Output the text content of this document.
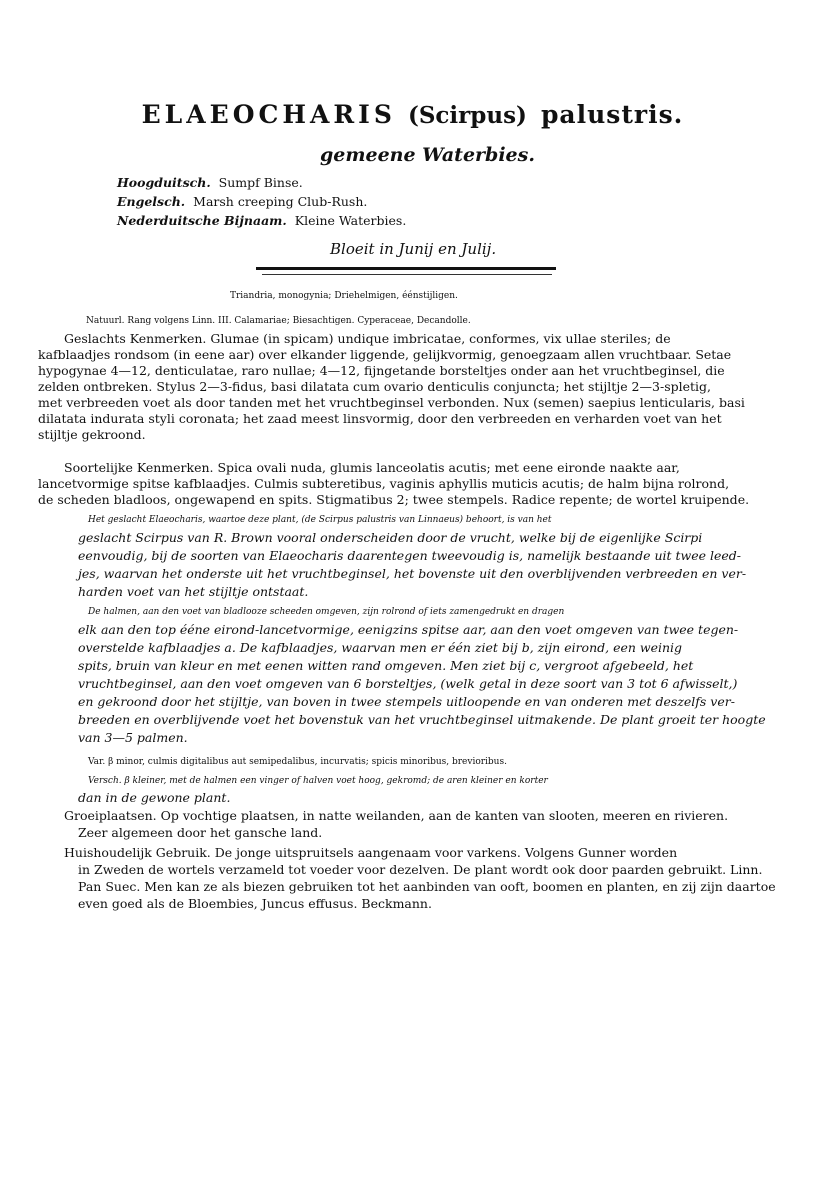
ELAEOCHARIS (Scirpus) palustris.
gemeene Waterbies.
Hoogduitsch. Sumpf Binse.
Engelsch. Marsh creeping Club-Rush.
Nederduitsche Bijnaam. Kleine Waterbies.
Bloeit in Junij en Julij.
Triandria, monogynia; Driehelmigen, éénstijligen.
Natuurl. Rang volgens Linn. III. Calamariae; Biesachtigen. Cyperaceae, Decandolle.
Geslachts Kenmerken. Glumae (in spicam) undique imbricatae, conformes, vix ullae steriles; de
kafblaadjes rondsom (in eene aar) over elkander liggende, gelijkvormig, genoegzaam allen vruchtbaar. Setae
hypogynae 4—12, denticulatae, raro nullae; 4—12, fijngetande borsteltjes onder aan het vruchtbeginsel, die
zelden ontbreken. Stylus 2—3-fidus, basi dilatata cum ovario denticulis conjuncta; het stijltje 2—3-spletig,
met verbreeden voet als door tanden met het vruchtbeginsel verbonden. Nux (semen) saepius lenticularis, basi
dilatata indurata styli coronata; het zaad meest linsvormig, door den verbreeden en verharden voet van het
stijltje gekroond.
Soortelijke Kenmerken. Spica ovali nuda, glumis lanceolatis acutis; met eene eironde naakte aar,
lancetvormige spitse kafblaadjes. Culmis subteretibus, vaginis aphyllis muticis acutis; de halm bijna rolrond,
de scheden bladloos, ongewapend en spits. Stigmatibus 2; twee stempels. Radice repente; de wortel kruipende.
Het geslacht Elaeocharis, waartoe deze plant, (de Scirpus palustris van Linnaeus) behoort, is van het
geslacht Scirpus van R. Brown vooral onderscheiden door de vrucht, welke bij de eigenlijke Scirpi
eenvoudig, bij de soorten van Elaeocharis daarentegen tweevoudig is, namelijk bestaande uit twee leed-
jes, waarvan het onderste uit het vruchtbeginsel, het bovenste uit den overblijvenden verbreeden en ver-
harden voet van het stijltje ontstaat.
De halmen, aan den voet van bladlooze scheeden omgeven, zijn rolrond of iets zamengedrukt en dragen
elk aan den top ééne eirond-lancetvormige, eenigzins spitse aar, aan den voet omgeven van twee tegen-
overstelde kafblaadjes a. De kafblaadjes, waarvan men er één ziet bij b, zijn eirond, een weinig
spits, bruin van kleur en met eenen witten rand omgeven. Men ziet bij c, vergroot afgebeeld, het
vruchtbeginsel, aan den voet omgeven van 6 borsteltjes, (welk getal in deze soort van 3 tot 6 afwisselt,)
en gekroond door het stijltje, van boven in twee stempels uitloopende en van onderen met deszelfs ver-
breeden en overblijvende voet het bovenstuk van het vruchtbeginsel uitmakende. De plant groeit ter hoogte
van 3—5 palmen.
Var. β minor, culmis digitalibus aut semipedalibus, incurvatis; spicis minoribus, brevioribus.
Versch. β kleiner, met de halmen een vinger of halven voet hoog, gekromd; de aren kleiner en korter
dan in de gewone plant.
Groeiplaatsen. Op vochtige plaatsen, in natte weilanden, aan de kanten van slooten, meeren en rivieren.
Zeer algemeen door het gansche land.
Huishoudelijk Gebruik. De jonge uitspruitsels aangenaam voor varkens. Volgens Gunner worden
in Zweden de wortels verzameld tot voeder voor dezelven. De plant wordt ook door paarden gebruikt. Linn.
Pan Suec. Men kan ze als biezen gebruiken tot het aanbinden van ooft, boomen en planten, en zij zijn daartoe
even goed als de Bloembies, Juncus effusus. Beckmann.
